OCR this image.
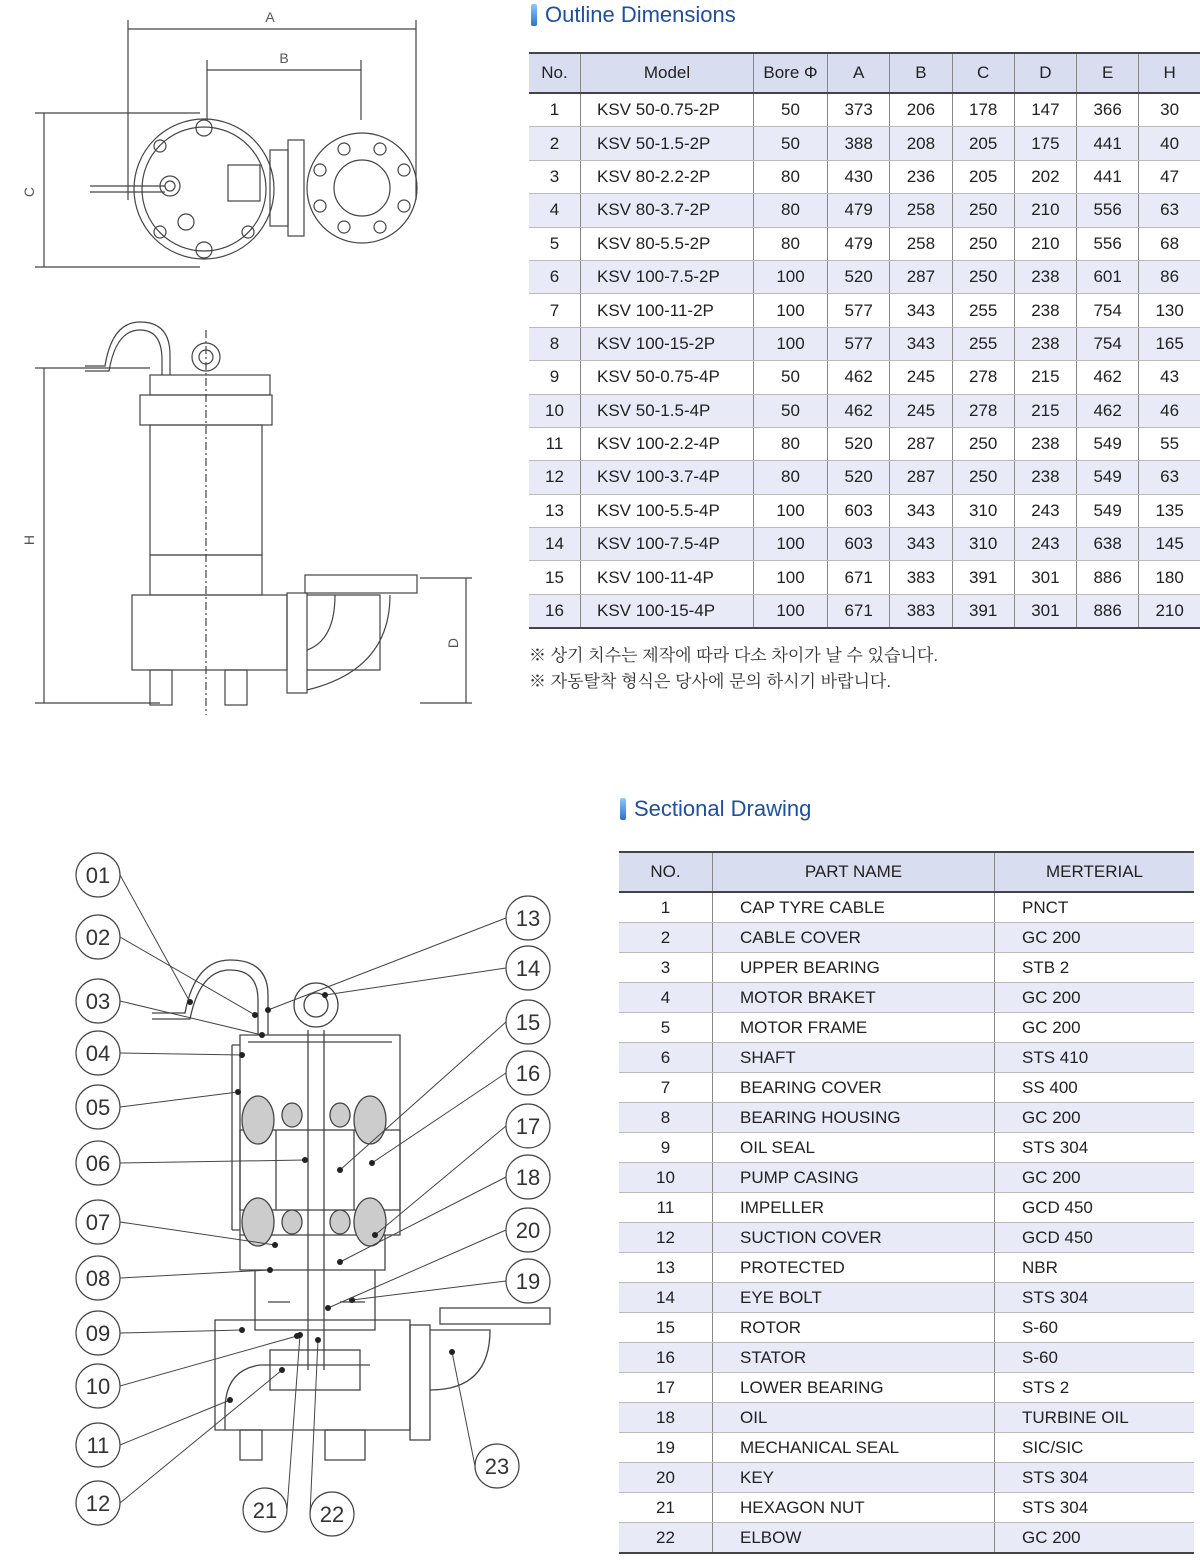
A
B
C
H
D
Outline Dimensions
No.	Model	Bore Φ	A	B	C	D	E	H
1	KSV 50-0.75-2P	50	373	206	178	147	366	30
2	KSV 50-1.5-2P	50	388	208	205	175	441	40
3	KSV 80-2.2-2P	80	430	236	205	202	441	47
4	KSV 80-3.7-2P	80	479	258	250	210	556	63
5	KSV 80-5.5-2P	80	479	258	250	210	556	68
6	KSV 100-7.5-2P	100	520	287	250	238	601	86
7	KSV 100-11-2P	100	577	343	255	238	754	130
8	KSV 100-15-2P	100	577	343	255	238	754	165
9	KSV 50-0.75-4P	50	462	245	278	215	462	43
10	KSV 50-1.5-4P	50	462	245	278	215	462	46
11	KSV 100-2.2-4P	80	520	287	250	238	549	55
12	KSV 100-3.7-4P	80	520	287	250	238	549	63
13	KSV 100-5.5-4P	100	603	343	310	243	549	135
14	KSV 100-7.5-4P	100	603	343	310	243	638	145
15	KSV 100-11-4P	100	671	383	391	301	886	180
16	KSV 100-15-4P	100	671	383	391	301	886	210
※ 상기 치수는 제작에 따라 다소 차이가 날 수 있습니다.
※ 자동탈착 형식은 당사에 문의 하시기 바랍니다.
01
02
03
04
05
06
07
08
09
10
11
12
13
14
15
16
17
18
19
20
21 22
23
Sectional Drawing
NO.	PART NAME	MERTERIAL
1	CAP TYRE CABLE	PNCT
2	CABLE COVER	GC 200
3	UPPER BEARING	STB 2
4	MOTOR BRAKET	GC 200
5	MOTOR FRAME	GC 200
6	SHAFT	STS 410
7	BEARING COVER	SS 400
8	BEARING HOUSING	GC 200
9	OIL SEAL	STS 304
10	PUMP CASING	GC 200
11	IMPELLER	GCD 450
12	SUCTION COVER	GCD 450
13	PROTECTED	NBR
14	EYE BOLT	STS 304
15	ROTOR	S-60
16	STATOR	S-60
17	LOWER BEARING	STS 2
18	OIL	TURBINE OIL
19	MECHANICAL SEAL	SIC/SIC
20	KEY	STS 304
21	HEXAGON NUT	STS 304
22	ELBOW	GC 200
